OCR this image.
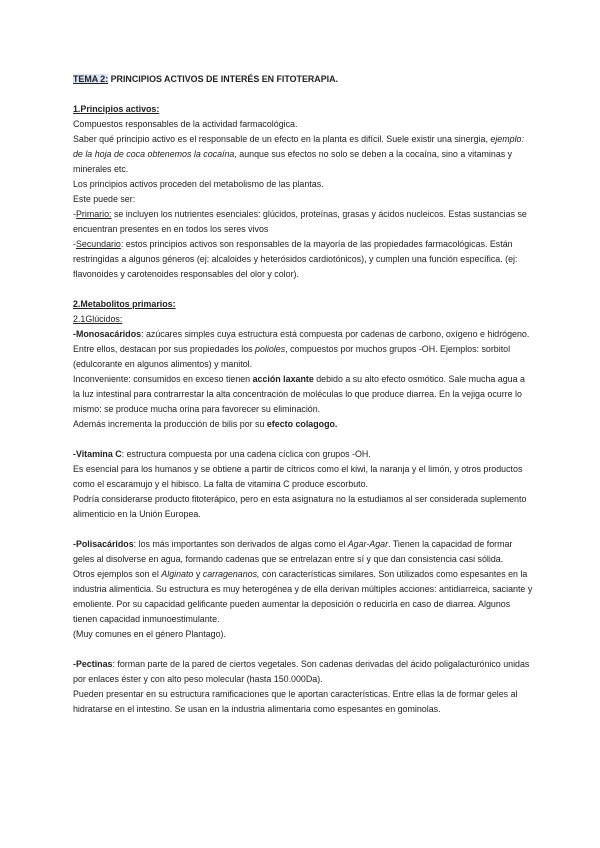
TEMA 2: PRINCIPIOS ACTIVOS DE INTERÉS EN FITOTERAPIA.

1.Principios activos:

Compuestos responsables de la actividad farmacológica.

Saber qué principio activo es el responsable de un efecto en la planta es difícil. Suele existir una sinergia, ejemplo: de la hoja de coca obtenemos la cocaína, aunque sus efectos no solo se deben a la cocaína, sino a vitaminas y minerales etc.

Los principios activos proceden del metabolismo de las plantas.

Este puede ser:

-Primario: se incluyen los nutrientes esenciales: glúcidos, proteínas, grasas y ácidos nucleicos. Estas sustancias se encuentran presentes en en todos los seres vivos

-Secundario: estos principios activos son responsables de la mayoría de las propiedades farmacológicas. Están restringidas a algunos géneros (ej: alcaloides y heterósidos cardiotónicos), y cumplen una función específica. (ej: flavonoides y carotenoides responsables del olor y color).

2.Metabolitos primarios:

2.1Glúcidos:

-Monosacáridos: azúcares simples cuya estructura está compuesta por cadenas de carbono, oxígeno e hidrógeno. Entre ellos, destacan por sus propiedades los polioles, compuestos por muchos grupos -OH. Ejemplos: sorbitol (edulcorante en algunos alimentos) y manitol.

Inconveniente: consumidos en exceso tienen acción laxante debido a su alto efecto osmótico. Sale mucha agua a la luz intestinal para contrarrestar la alta concentración de moléculas lo que produce diarrea. En la vejiga ocurre lo mismo: se produce mucha orina para favorecer su eliminación.

Además incrementa la producción de bilis por su efecto colagogo.

-Vitamina C: estructura compuesta por una cadena cíclica con grupos -OH.

Es esencial para los humanos y se obtiene a partir de cítricos como el kiwi, la naranja y el limón, y otros productos como el escaramujo y el hibisco. La falta de vitamina C produce escorbuto.

Podría considerarse producto fitoterápico, pero en esta asignatura no la estudiamos al ser considerada suplemento alimenticio en la Unión Europea.

-Polisacáridos: los más importantes son derivados de algas como el Agar-Agar. Tienen la capacidad de formar geles al disolverse en agua, formando cadenas que se entrelazan entre sí y que dan consistencia casi sólida.

Otros ejemplos son el Alginato y carragenanos, con características similares. Son utilizados como espesantes en la industria alimenticia. Su estructura es muy heterogénea y de ella derivan múltiples acciones: antidiarreica, saciante y emoliente. Por su capacidad gelificante pueden aumentar la deposición o reducirla en caso de diarrea. Algunos tienen capacidad inmunoestimulante.

(Muy comunes en el género Plantago).

-Pectinas: forman parte de la pared de ciertos vegetales. Son cadenas derivadas del ácido poligalacturónico unidas por enlaces éster y con alto peso molecular (hasta 150.000Da).

Pueden presentar en su estructura ramificaciones que le aportan características. Entre ellas la de formar geles al hidratarse en el intestino. Se usan en la industria alimentaria como espesantes en gominolas.
